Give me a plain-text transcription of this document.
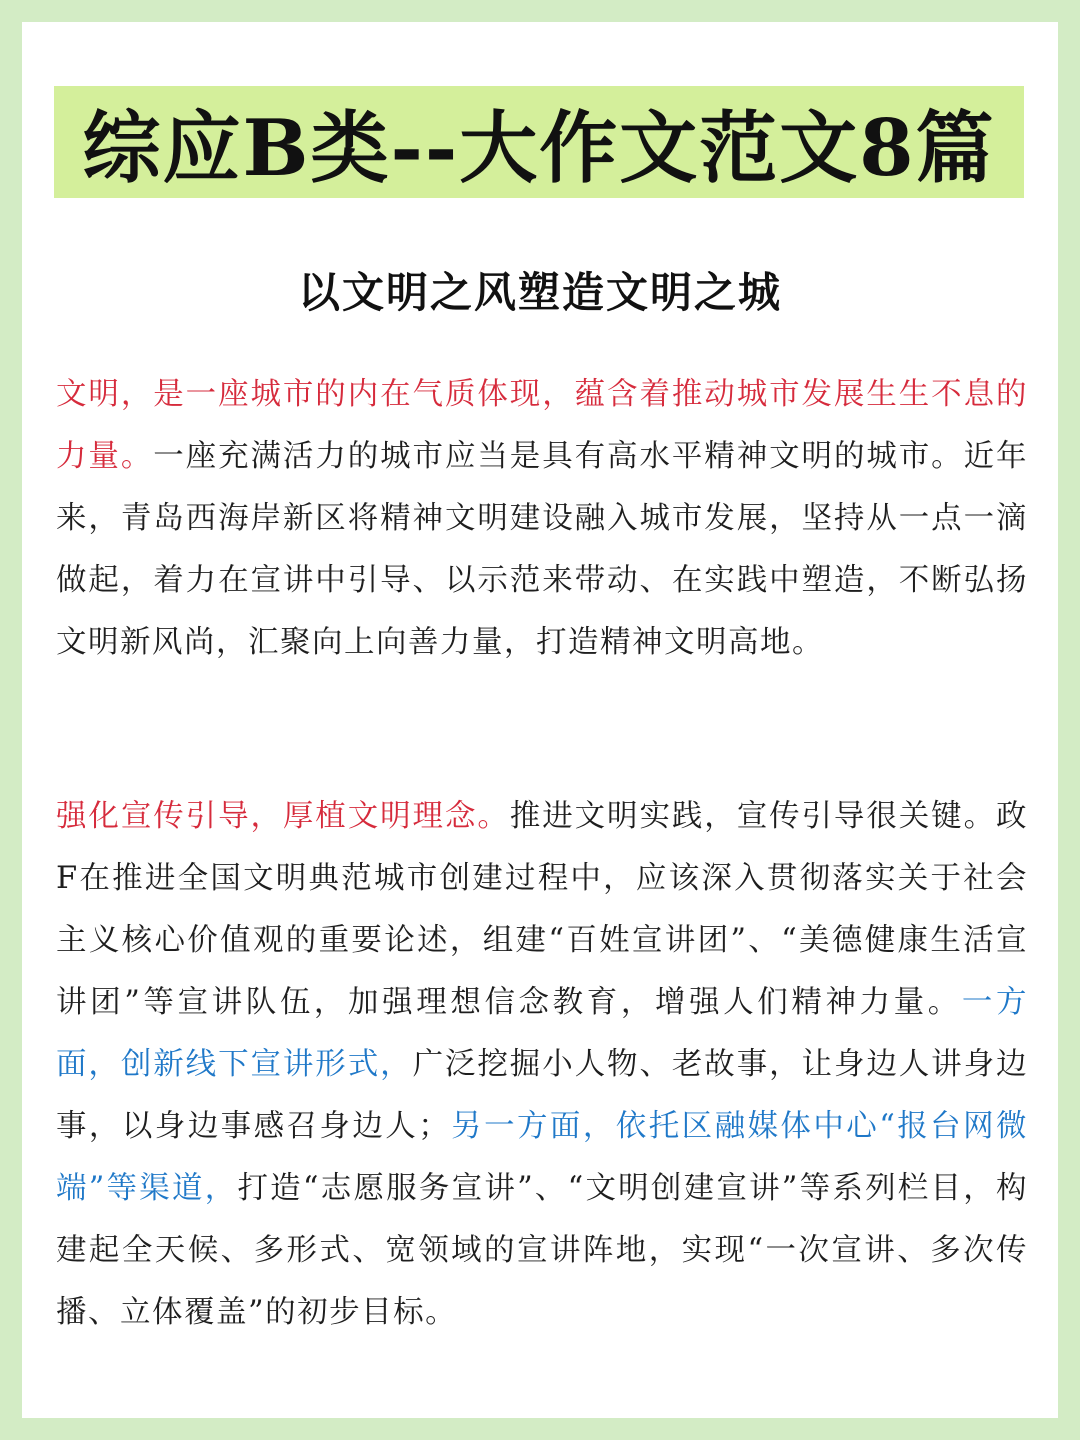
综应B类--大作文范文8篇
以文明之风塑造文明之城

文明，是一座城市的内在气质体现，蕴含着推动城市发展生生不息的力量。一座充满活力的城市应当是具有高水平精神文明的城市。近年来，青岛西海岸新区将精神文明建设融入城市发展，坚持从一点一滴做起，着力在宣讲中引导、以示范来带动、在实践中塑造，不断弘扬文明新风尚，汇聚向上向善力量，打造精神文明高地。

强化宣传引导，厚植文明理念。推进文明实践，宣传引导很关键。政F在推进全国文明典范城市创建过程中，应该深入贯彻落实关于社会主义核心价值观的重要论述，组建“百姓宣讲团”、“美德健康生活宣讲团”等宣讲队伍，加强理想信念教育，增强人们精神力量。一方面，创新线下宣讲形式，广泛挖掘小人物、老故事，让身边人讲身边事，以身边事感召身边人；另一方面，依托区融媒体中心“报台网微端”等渠道，打造“志愿服务宣讲”、“文明创建宣讲”等系列栏目，构建起全天候、多形式、宽领域的宣讲阵地，实现“一次宣讲、多次传播、立体覆盖”的初步目标。
